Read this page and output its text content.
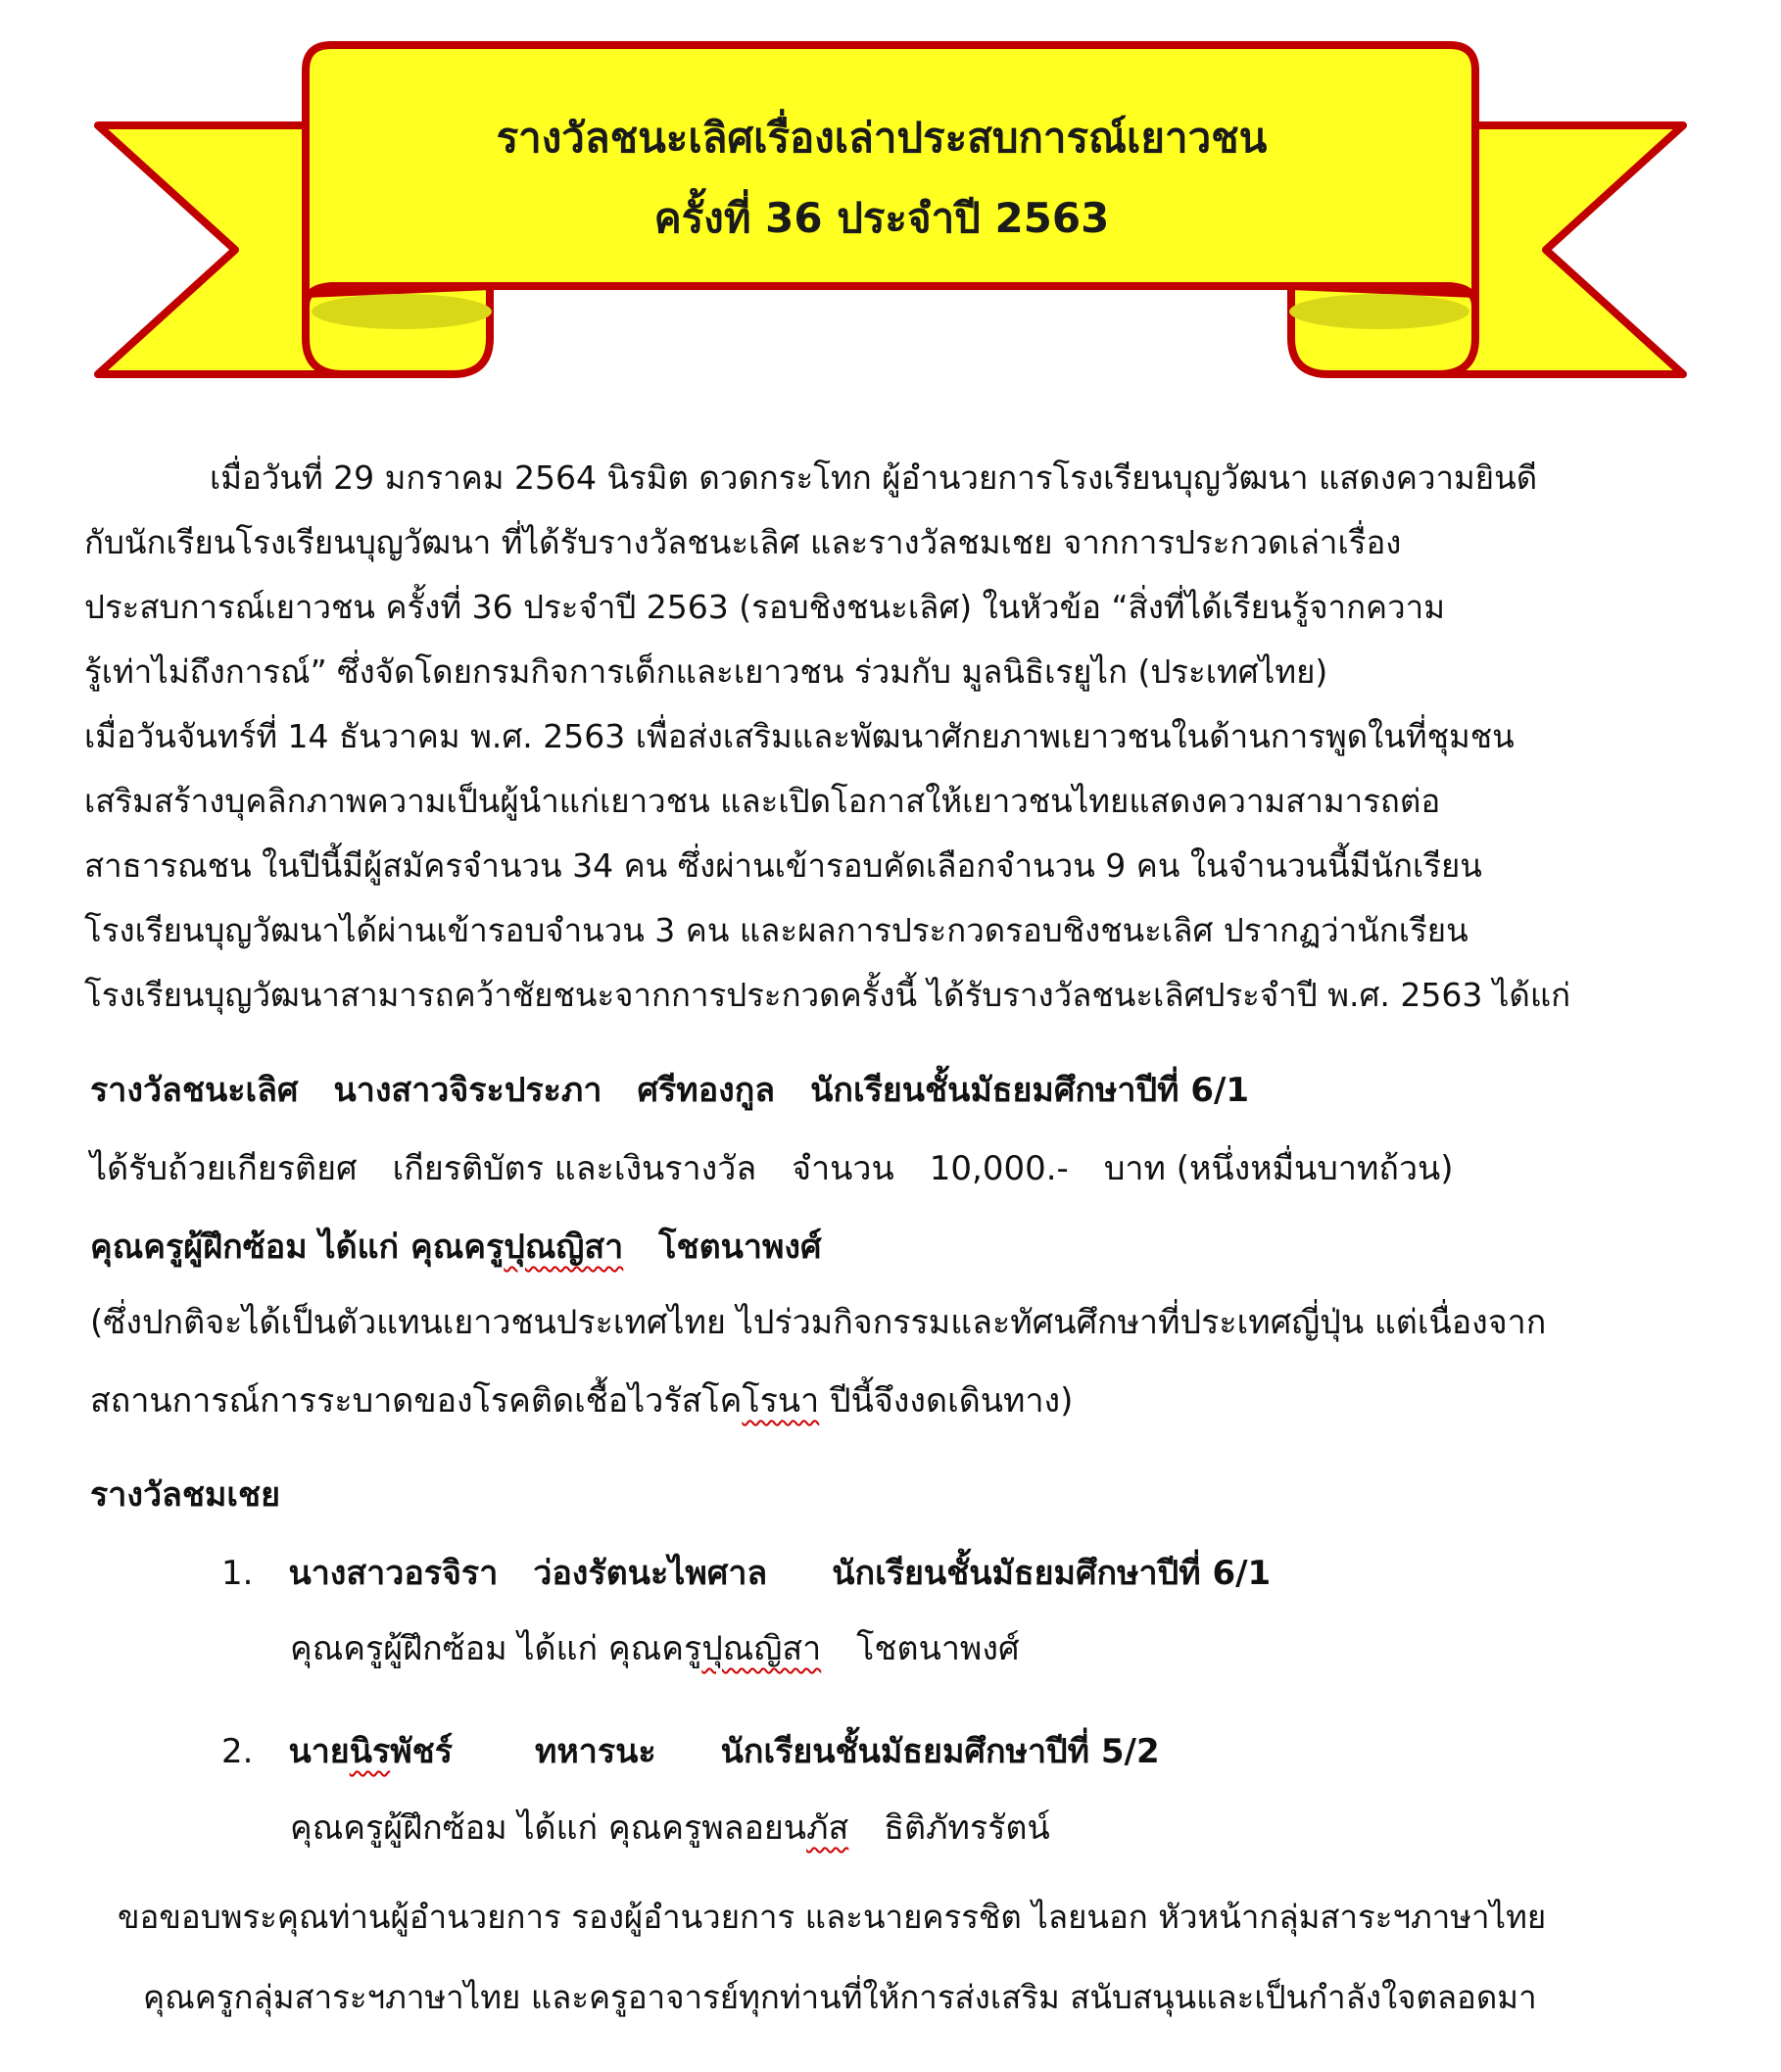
รางวัลชนะเลิศเรื่องเล่าประสบการณ์เยาวชน
ครั้งที่ 36 ประจำปี 2563
เมื่อวันที่ 29 มกราคม 2564 นิรมิต ดวดกระโทก ผู้อำนวยการโรงเรียนบุญวัฒนา แสดงความยินดี
กับนักเรียนโรงเรียนบุญวัฒนา ที่ได้รับรางวัลชนะเลิศ และรางวัลชมเชย จากการประกวดเล่าเรื่อง
ประสบการณ์เยาวชน ครั้งที่ 36 ประจำปี 2563 (รอบชิงชนะเลิศ) ในหัวข้อ “สิ่งที่ได้เรียนรู้จากความ
รู้เท่าไม่ถึงการณ์” ซึ่งจัดโดยกรมกิจการเด็กและเยาวชน ร่วมกับ มูลนิธิเรยูไก (ประเทศไทย)
เมื่อวันจันทร์ที่ 14 ธันวาคม พ.ศ. 2563 เพื่อส่งเสริมและพัฒนาศักยภาพเยาวชนในด้านการพูดในที่ชุมชน
เสริมสร้างบุคลิกภาพความเป็นผู้นำแก่เยาวชน และเปิดโอกาสให้เยาวชนไทยแสดงความสามารถต่อ
สาธารณชน ในปีนี้มีผู้สมัครจำนวน 34 คน ซึ่งผ่านเข้ารอบคัดเลือกจำนวน 9 คน ในจำนวนนี้มีนักเรียน
โรงเรียนบุญวัฒนาได้ผ่านเข้ารอบจำนวน 3 คน และผลการประกวดรอบชิงชนะเลิศ ปรากฏว่านักเรียน
โรงเรียนบุญวัฒนาสามารถคว้าชัยชนะจากการประกวดครั้งนี้ ได้รับรางวัลชนะเลิศประจำปี พ.ศ. 2563 ได้แก่
รางวัลชนะเลิศ นางสาวจิระประภา ศรีทองกูล นักเรียนชั้นมัธยมศึกษาปีที่ 6/1
ได้รับถ้วยเกียรติยศ เกียรติบัตร และเงินรางวัล จำนวน 10,000.- บาท (หนึ่งหมื่นบาทถ้วน)
คุณครูผู้ฝึกซ้อม ได้แก่ คุณครูปุณญิสา โชตนาพงศ์
(ซึ่งปกติจะได้เป็นตัวแทนเยาวชนประเทศไทย ไปร่วมกิจกรรมและทัศนศึกษาที่ประเทศญี่ปุ่น แต่เนื่องจาก
สถานการณ์การระบาดของโรคติดเชื้อไวรัสโคโรนา ปีนี้จึงงดเดินทาง)
รางวัลชมเชย
1. นางสาวอรจิรา ว่องรัตนะไพศาล นักเรียนชั้นมัธยมศึกษาปีที่ 6/1
คุณครูผู้ฝึกซ้อม ได้แก่ คุณครูปุณญิสา โชตนาพงศ์
2. นายนิรพัชร์ ทหารนะ นักเรียนชั้นมัธยมศึกษาปีที่ 5/2
คุณครูผู้ฝึกซ้อม ได้แก่ คุณครูพลอยนภัส ธิติภัทรรัตน์
ขอขอบพระคุณท่านผู้อำนวยการ รองผู้อำนวยการ และนายครรชิต ไลยนอก หัวหน้ากลุ่มสาระฯภาษาไทย
คุณครูกลุ่มสาระฯภาษาไทย และครูอาจารย์ทุกท่านที่ให้การส่งเสริม สนับสนุนและเป็นกำลังใจตลอดมา
